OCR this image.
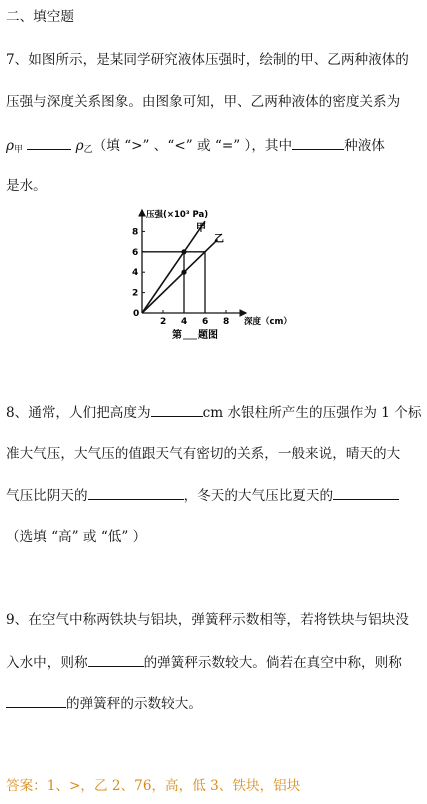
二、填空题
7、如图所示，是某同学研究液体压强时，绘制的甲、乙两种液体的
压强与深度关系图象。由图象可知，甲、乙两种液体的密度关系为
$\rho_甲$	$\rho_乙$（填 “>” 、“<” 或 “=” ），其中	种液体
是水。
压强(×10³ Pa)
深度（cm）
0
2 4 6 8
2
4
6
8	甲
乙
第 题图
8、通常，人们把高度为	cm 水银柱所产生的压强作为 1 个标
准大气压，大气压的值跟天气有密切的关系，一般来说，晴天的大
气压比阴天的	，冬天的大气压比夏天的
（选填 “高” 或 “低” ）
9、在空气中称两铁块与铝块，弹簧秤示数相等，若将铁块与铝块没
入水中，则称	的弹簧秤示数较大。倘若在真空中称，则称
的弹簧秤的示数较大。
答案：1、>，乙 2、76，高，低 3、铁块，铝块
